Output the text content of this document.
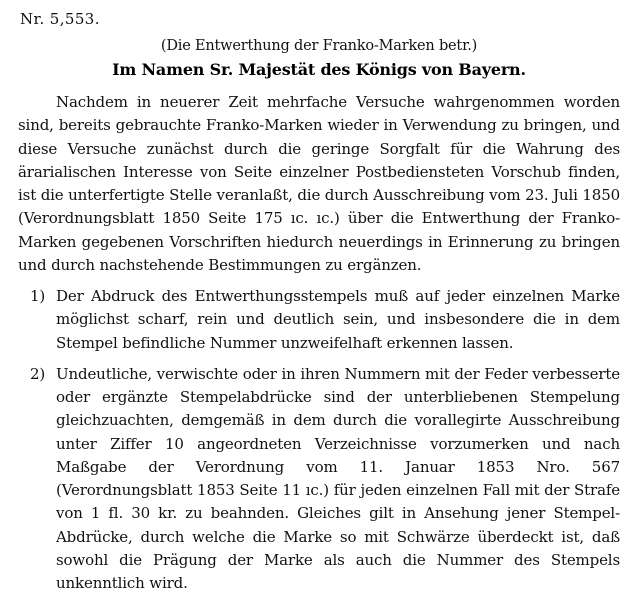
Nr. 5,553.
(Die Entwerthung der Franko-Marken betr.)
Im Namen Sr. Majestät des Königs von Bayern.

Nachdem in neuerer Zeit mehrfache Versuche wahrgenommen worden sind, bereits gebrauchte Franko-Marken wieder in Verwendung zu bringen, und diese Versuche zunächst durch die geringe Sorgfalt für die Wahrung des ärarialischen Interesse von Seite einzelner Postbediensteten Vorschub finden, ist die unterfertigte Stelle veranlaßt, die durch Ausschreibung vom 23. Juli 1850 (Verordnungsblatt 1850 Seite 175 ıc. ıc.) über die Entwerthung der Franko-Marken gegebenen Vorschriften hiedurch neuerdings in Erinnerung zu bringen und durch nachstehende Bestimmungen zu ergänzen.

1) Der Abdruck des Entwerthungsstempels muß auf jeder einzelnen Marke möglichst scharf, rein und deutlich sein, und insbesondere die in dem Stempel befindliche Nummer unzweifelhaft erkennen lassen.
2) Undeutliche, verwischte oder in ihren Nummern mit der Feder verbesserte oder ergänzte Stempelabdrücke sind der unterbliebenen Stempelung gleichzuachten, demgemäß in dem durch die vorallegirte Ausschreibung unter Ziffer 10 angeordneten Verzeichnisse vorzumerken und nach Maßgabe der Verordnung vom 11. Januar 1853 Nro. 567 (Verordnungsblatt 1853 Seite 11 ıc.) für jeden einzelnen Fall mit der Strafe von 1 fl. 30 kr. zu beahnden. Gleiches gilt in Ansehung jener Stempel-Abdrücke, durch welche die Marke so mit Schwärze überdeckt ist, daß sowohl die Prägung der Marke als auch die Nummer des Stempels unkenntlich wird.
